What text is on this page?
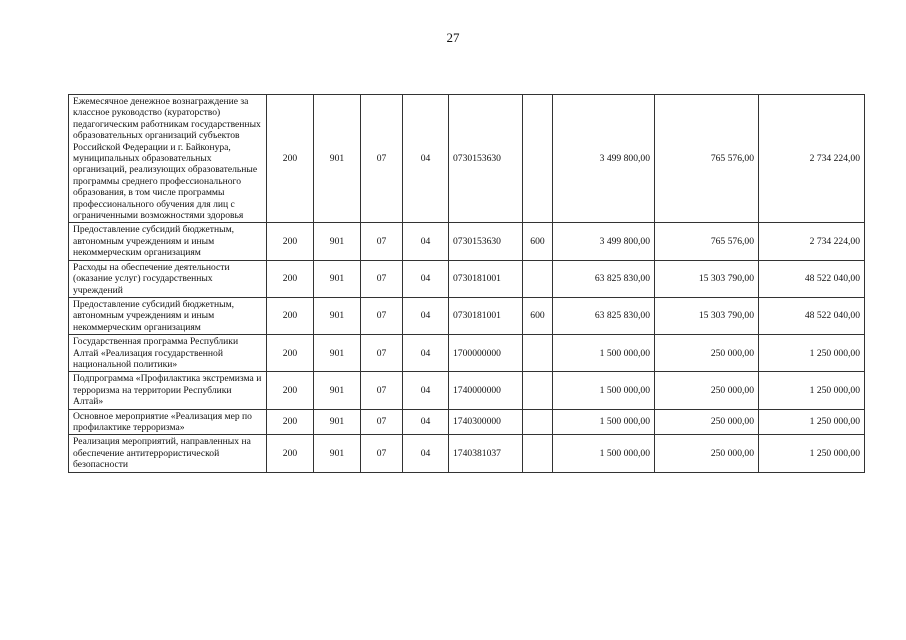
27
Ежемесячное денежное вознаграждение за классное руководство (кураторство) педагогическим работникам государственных образовательных организаций субъектов Российской Федерации и г. Байконура, муниципальных образовательных организаций, реализующих образовательные программы среднего профессионального образования, в том числе программы профессионального обучения для лиц с ограниченными возможностями здоровья	200	901	07	04	0730153630		3 499 800,00	765 576,00	2 734 224,00
Предоставление субсидий бюджетным, автономным учреждениям и иным некоммерческим организациям	200	901	07	04	0730153630	600	3 499 800,00	765 576,00	2 734 224,00
Расходы на обеспечение деятельности (оказание услуг) государственных учреждений	200	901	07	04	0730181001		63 825 830,00	15 303 790,00	48 522 040,00
Предоставление субсидий бюджетным, автономным учреждениям и иным некоммерческим организациям	200	901	07	04	0730181001	600	63 825 830,00	15 303 790,00	48 522 040,00
Государственная программа Республики Алтай «Реализация государственной национальной политики»	200	901	07	04	1700000000		1 500 000,00	250 000,00	1 250 000,00
Подпрограмма «Профилактика экстремизма и терроризма на территории Республики Алтай»	200	901	07	04	1740000000		1 500 000,00	250 000,00	1 250 000,00
Основное мероприятие «Реализация мер по профилактике терроризма»	200	901	07	04	1740300000		1 500 000,00	250 000,00	1 250 000,00
Реализация мероприятий, направленных на обеспечение антитеррористической безопасности	200	901	07	04	1740381037		1 500 000,00	250 000,00	1 250 000,00
